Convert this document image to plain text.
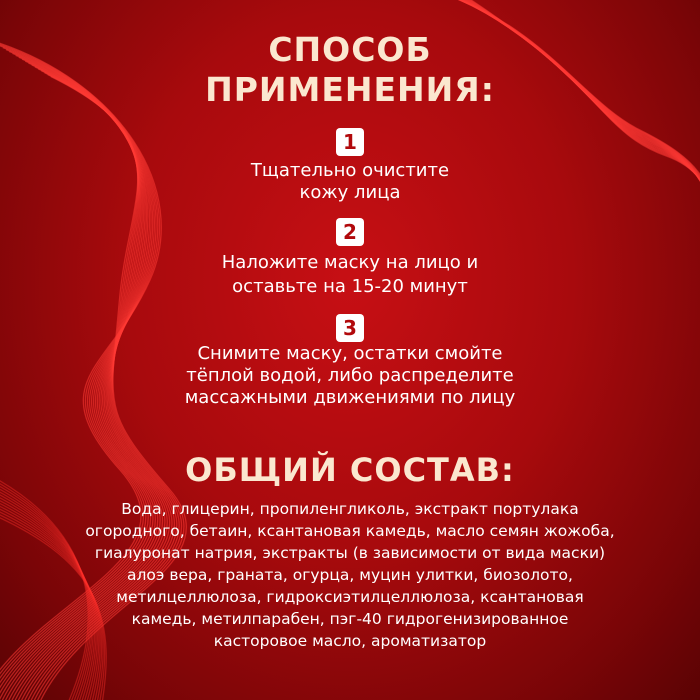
СПОСОБ
ПРИМЕНЕНИЯ:
1
Тщательно очистите
кожу лица
2
Наложите маску на лицо и
оставьте на 15-20 минут
3
Снимите маску, остатки смойте
тёплой водой, либо распределите
массажными движениями по лицу
ОБЩИЙ СОСТАВ:
Вода, глицерин, пропиленгликоль, экстракт портулака
огородного, бетаин, ксантановая камедь, масло семян жожоба,
гиалуронат натрия, экстракты (в зависимости от вида маски)
алоэ вера, граната, огурца, муцин улитки, биозолото,
метилцеллюлоза, гидроксиэтилцеллюлоза, ксантановая
камедь, метилпарабен, пэг-40 гидрогенизированное
касторовое масло, ароматизатор
